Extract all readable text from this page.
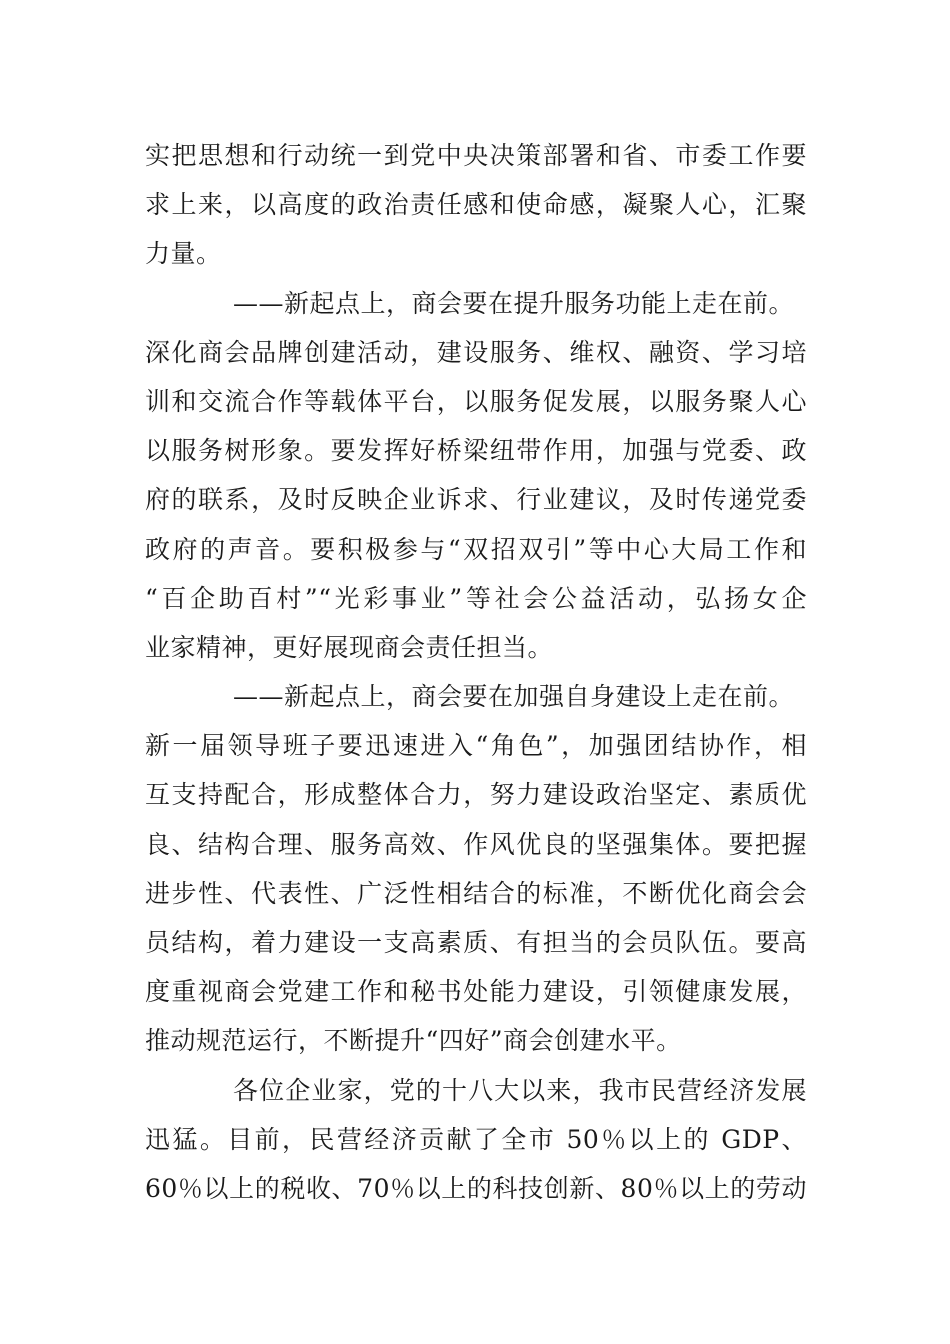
实把思想和行动统一到党中央决策部署和省、市委工作要
求上来，以高度的政治责任感和使命感，凝聚人心，汇聚
力量。
——新起点上，商会要在提升服务功能上走在前。
深化商会品牌创建活动，建设服务、维权、融资、学习培
训和交流合作等载体平台，以服务促发展，以服务聚人心
以服务树形象。要发挥好桥梁纽带作用，加强与党委、政
府的联系，及时反映企业诉求、行业建议，及时传递党委
政府的声音。要积极参与“双招双引”等中心大局工作和
“百企助百村”“光彩事业”等社会公益活动，弘扬女企
业家精神，更好展现商会责任担当。
——新起点上，商会要在加强自身建设上走在前。
新一届领导班子要迅速进入“角色”，加强团结协作，相
互支持配合，形成整体合力，努力建设政治坚定、素质优
良、结构合理、服务高效、作风优良的坚强集体。要把握
进步性、代表性、广泛性相结合的标准，不断优化商会会
员结构，着力建设一支高素质、有担当的会员队伍。要高
度重视商会党建工作和秘书处能力建设，引领健康发展，
推动规范运行，不断提升“四好”商会创建水平。
各位企业家，党的十八大以来，我市民营经济发展
迅猛。目前，民营经济贡献了全市 50％以上的 GDP、
60％以上的税收、70％以上的科技创新、80％以上的劳动
